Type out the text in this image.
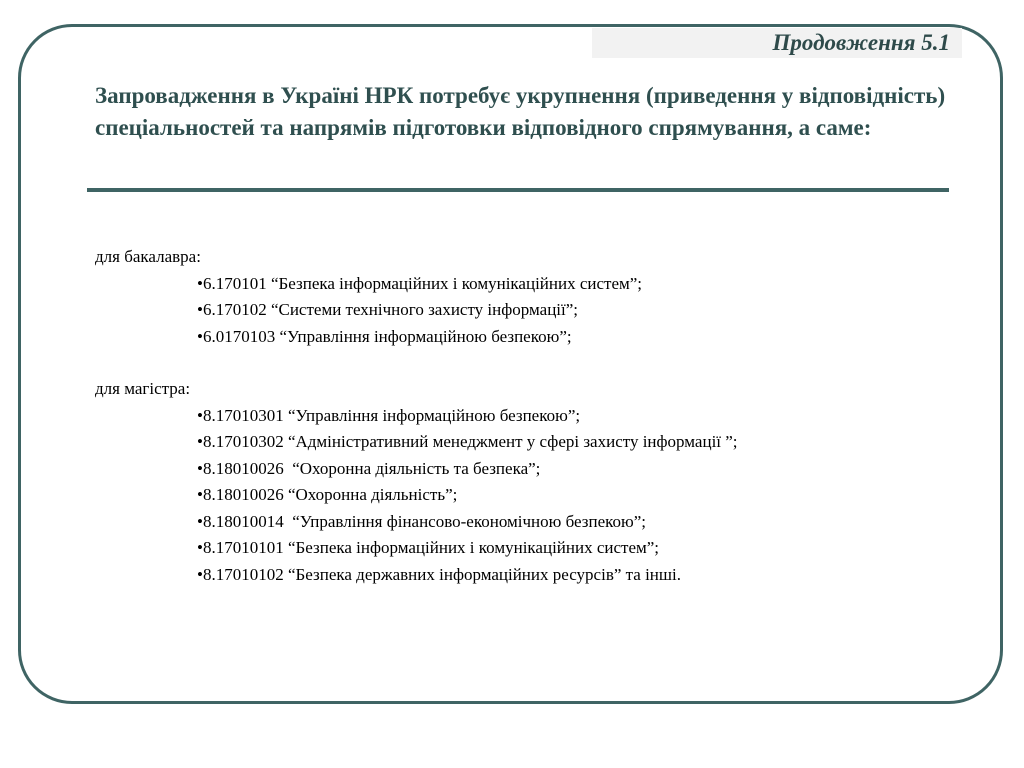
Продовження 5.1

Запровадження в Україні НРК потребує укрупнення (приведення у відповідність) спеціальностей та напрямів підготовки відповідного спрямування, а саме:

для бакалавра:

•6.170101 “Безпека інформаційних і комунікаційних систем”;
•6.170102 “Системи технічного захисту інформації”;
•6.0170103 “Управління інформаційною безпекою”;

для магістра:

•8.17010301 “Управління інформаційною безпекою”;
•8.17010302 “Адміністративний менеджмент у сфері захисту інформації ”;
•8.18010026  “Охоронна діяльність та безпека”;
•8.18010026 “Охоронна діяльність”;
•8.18010014  “Управління фінансово-економічною безпекою”;
•8.17010101 “Безпека інформаційних і комунікаційних систем”;
•8.17010102 “Безпека державних інформаційних ресурсів” та інші.
